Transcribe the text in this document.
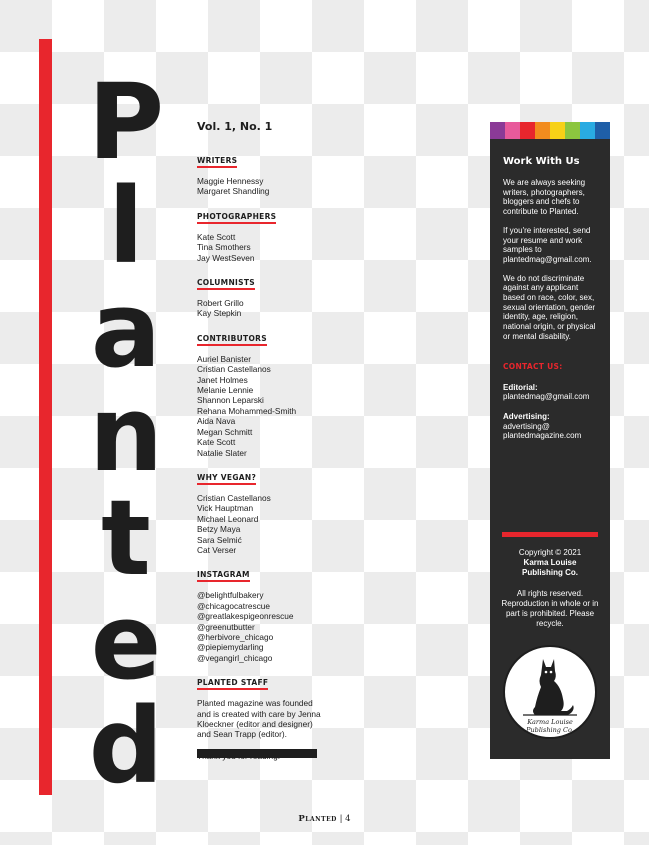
P
l
a
n
t
e
d
Vol. 1, No. 1
WRITERS
Maggie Hennessy
Margaret Shandling
PHOTOGRAPHERS
Kate Scott
Tina Smothers
Jay WestSeven
COLUMNISTS
Robert Grillo
Kay Stepkin
CONTRIBUTORS
Auriel Banister
Cristian Castellanos
Janet Holmes
Melanie Lennie
Shannon Leparski
Rehana Mohammed-Smith
Aida Nava
Megan Schmitt
Kate Scott
Natalie Slater
WHY VEGAN?
Cristian Castellanos
Vick Hauptman
Michael Leonard
Betzy Maya
Sara Selmić
Cat Verser
INSTAGRAM
@belightfulbakery
@chicagocatrescue
@greatlakespigeonrescue
@greenutbutter
@herbivore_chicago
@piepiemydarling
@vegangirl_chicago
PLANTED STAFF
Planted magazine was founded and is created with care by Jenna Kloeckner (editor and designer) and Sean Trapp (editor).
Work With Us
We are always seeking writers, photographers, bloggers and chefs to contribute to Planted.
If you're interested, send your resume and work samples to plantedmag@gmail.com.
We do not discriminate against any applicant based on race, color, sex, sexual orientation, gender identity, age, religion, national origin, or physical or mental disability.
CONTACT US:
Editorial:
plantedmag@gmail.com
Advertising:
advertising@
plantedmagazine.com
Copyright © 2021
Karma Louise
Publishing Co.
All rights reserved. Reproduction in whole or in part is prohibited. Please recycle.
Karma Louise
Publishing Co.
Planted | 4
